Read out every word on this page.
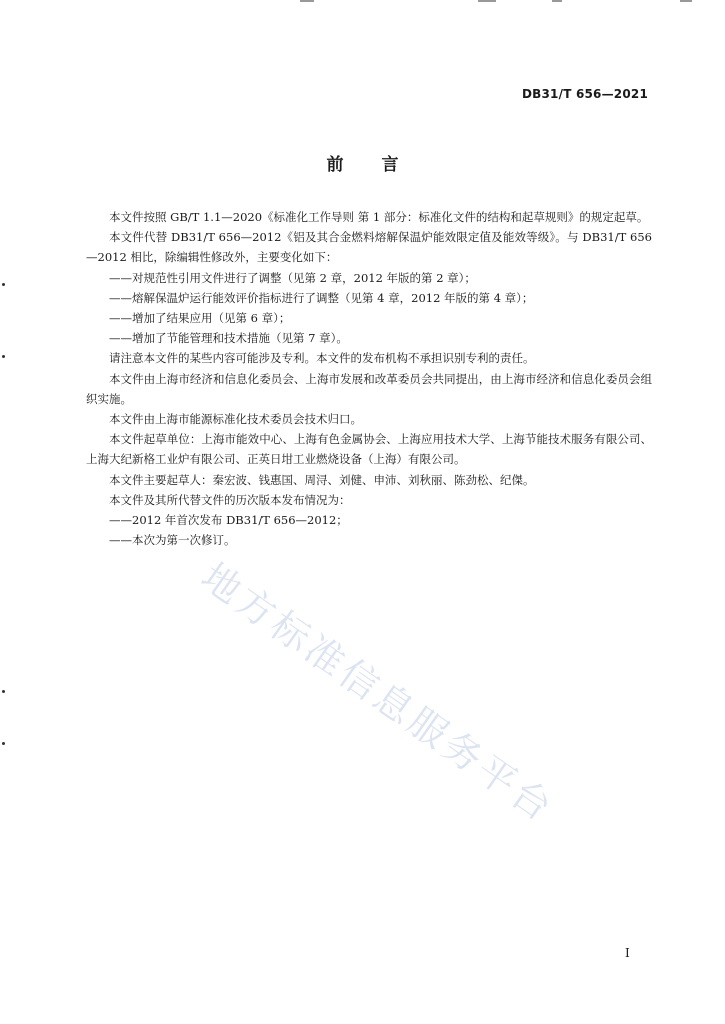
DB31/T 656—2021
前 言

本文件按照 GB/T 1.1—2020《标准化工作导则 第 1 部分：标准化文件的结构和起草规则》的规定起草。

本文件代替 DB31/T 656—2012《铝及其合金燃料熔解保温炉能效限定值及能效等级》。与 DB31/T 656—2012 相比，除编辑性修改外，主要变化如下：

——对规范性引用文件进行了调整（见第 2 章，2012 年版的第 2 章）；

——熔解保温炉运行能效评价指标进行了调整（见第 4 章，2012 年版的第 4 章）；

——增加了结果应用（见第 6 章）；

——增加了节能管理和技术措施（见第 7 章）。

请注意本文件的某些内容可能涉及专利。本文件的发布机构不承担识别专利的责任。

本文件由上海市经济和信息化委员会、上海市发展和改革委员会共同提出，由上海市经济和信息化委员会组织实施。

本文件由上海市能源标准化技术委员会技术归口。

本文件起草单位：上海市能效中心、上海有色金属协会、上海应用技术大学、上海节能技术服务有限公司、上海大纪新格工业炉有限公司、正英日坩工业燃烧设备（上海）有限公司。

本文件主要起草人：秦宏波、钱惠国、周浔、刘健、申沛、刘秋丽、陈劲松、纪傑。

本文件及其所代替文件的历次版本发布情况为：

——2012 年首次发布 DB31/T 656—2012；

——本次为第一次修订。

地方标准信息服务平台
I
